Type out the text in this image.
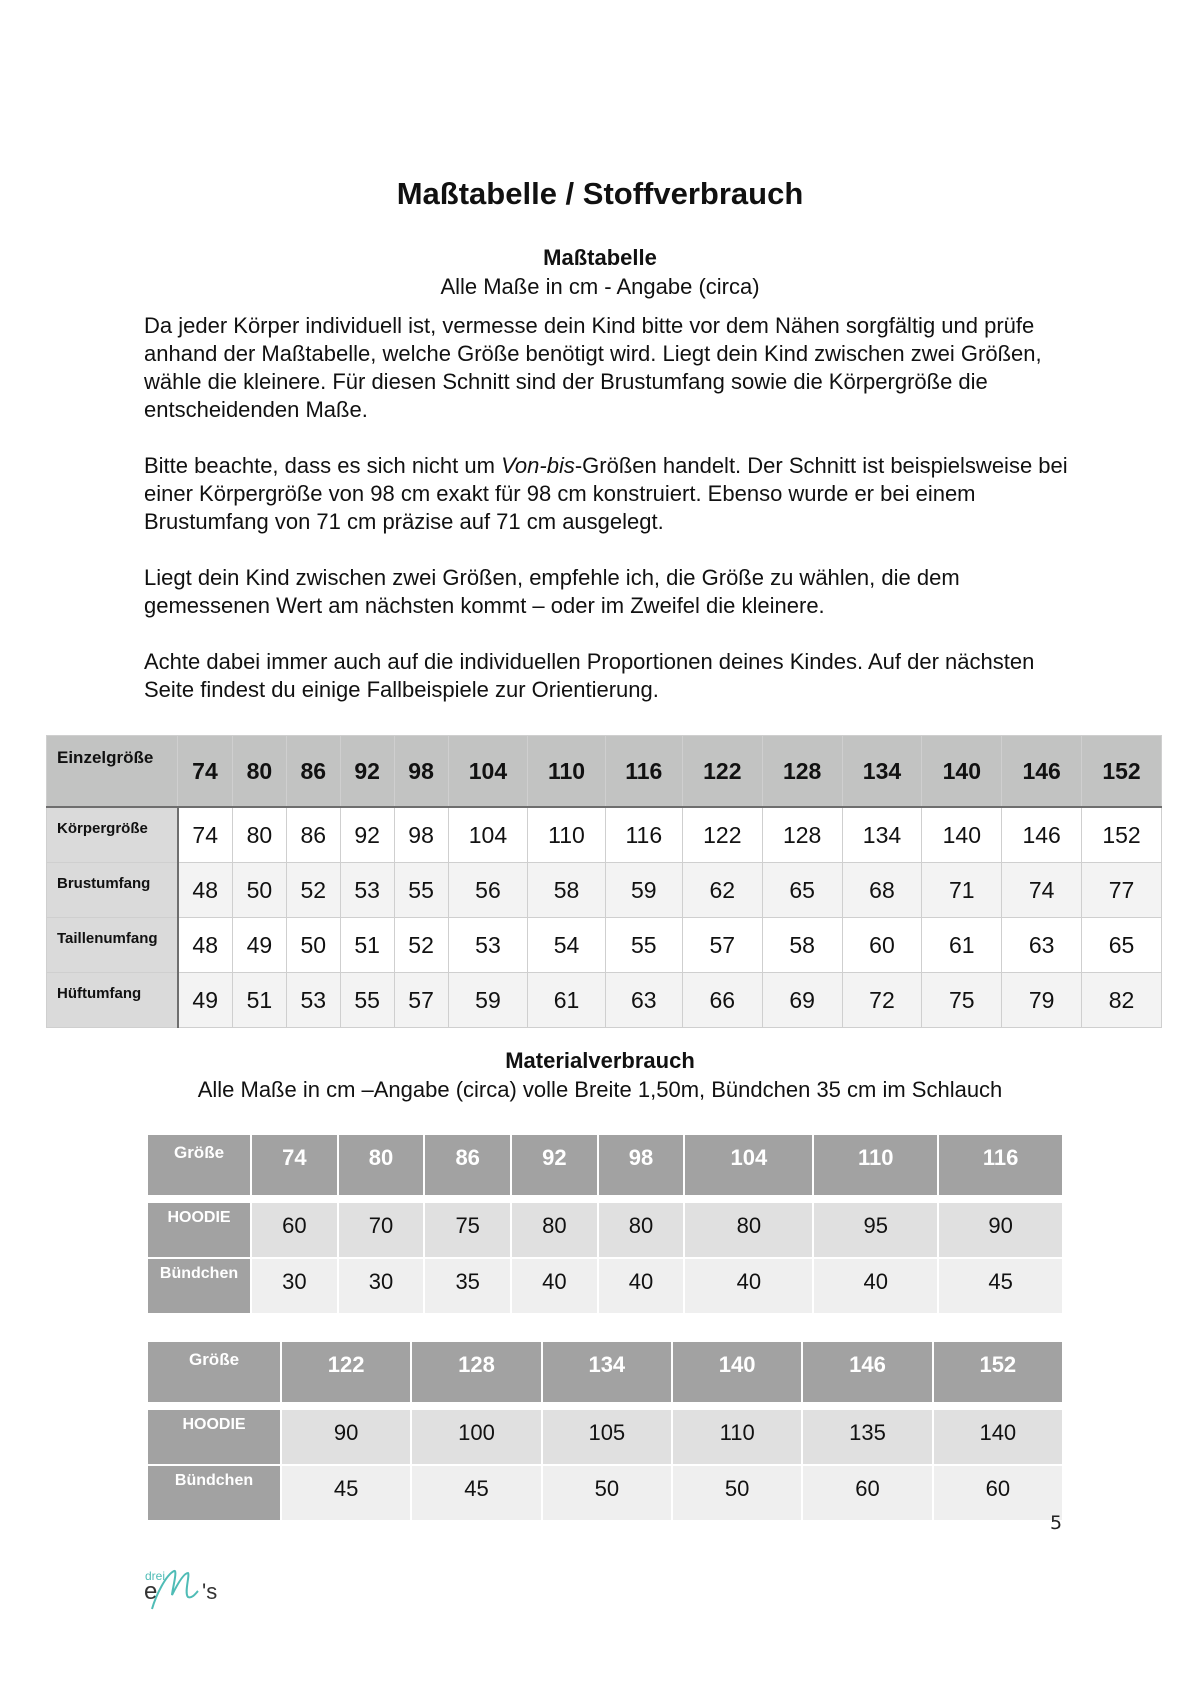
Maßtabelle / Stoffverbrauch
Maßtabelle
Alle Maße in cm - Angabe (circa)

Da jeder Körper individuell ist, vermesse dein Kind bitte vor dem Nähen sorgfältig und prüfe anhand der Maßtabelle, welche Größe benötigt wird. Liegt dein Kind zwischen zwei Größen, wähle die kleinere. Für diesen Schnitt sind der Brustumfang sowie die Körpergröße die entscheidenden Maße.

Bitte beachte, dass es sich nicht um Von-bis-Größen handelt. Der Schnitt ist beispielsweise bei einer Körpergröße von 98 cm exakt für 98 cm konstruiert. Ebenso wurde er bei einem Brustumfang von 71 cm präzise auf 71 cm ausgelegt.

Liegt dein Kind zwischen zwei Größen, empfehle ich, die Größe zu wählen, die dem gemessenen Wert am nächsten kommt – oder im Zweifel die kleinere.

Achte dabei immer auch auf die individuellen Proportionen deines Kindes. Auf der nächsten Seite findest du einige Fallbeispiele zur Orientierung.

Einzelgröße	74	80	86	92	98	104	110	116	122	128	134	140	146	152
Körpergröße	74	80	86	92	98	104	110	116	122	128	134	140	146	152
Brustumfang	48	50	52	53	55	56	58	59	62	65	68	71	74	77
Taillenumfang	48	49	50	51	52	53	54	55	57	58	60	61	63	65
Hüftumfang	49	51	53	55	57	59	61	63	66	69	72	75	79	82
Materialverbrauch
Alle Maße in cm –Angabe (circa) volle Breite 1,50m, Bündchen 35 cm im Schlauch
Größe	74	80	86	92	98	104	110	116

HOODIE	60	70	75	80	80	80	95	90
Bündchen	30	30	35	40	40	40	40	45
Größe	122	128	134	140	146	152

HOODIE	90	100	105	110	135	140
Bündchen	45	45	50	50	60	60
5
drei
e 's
